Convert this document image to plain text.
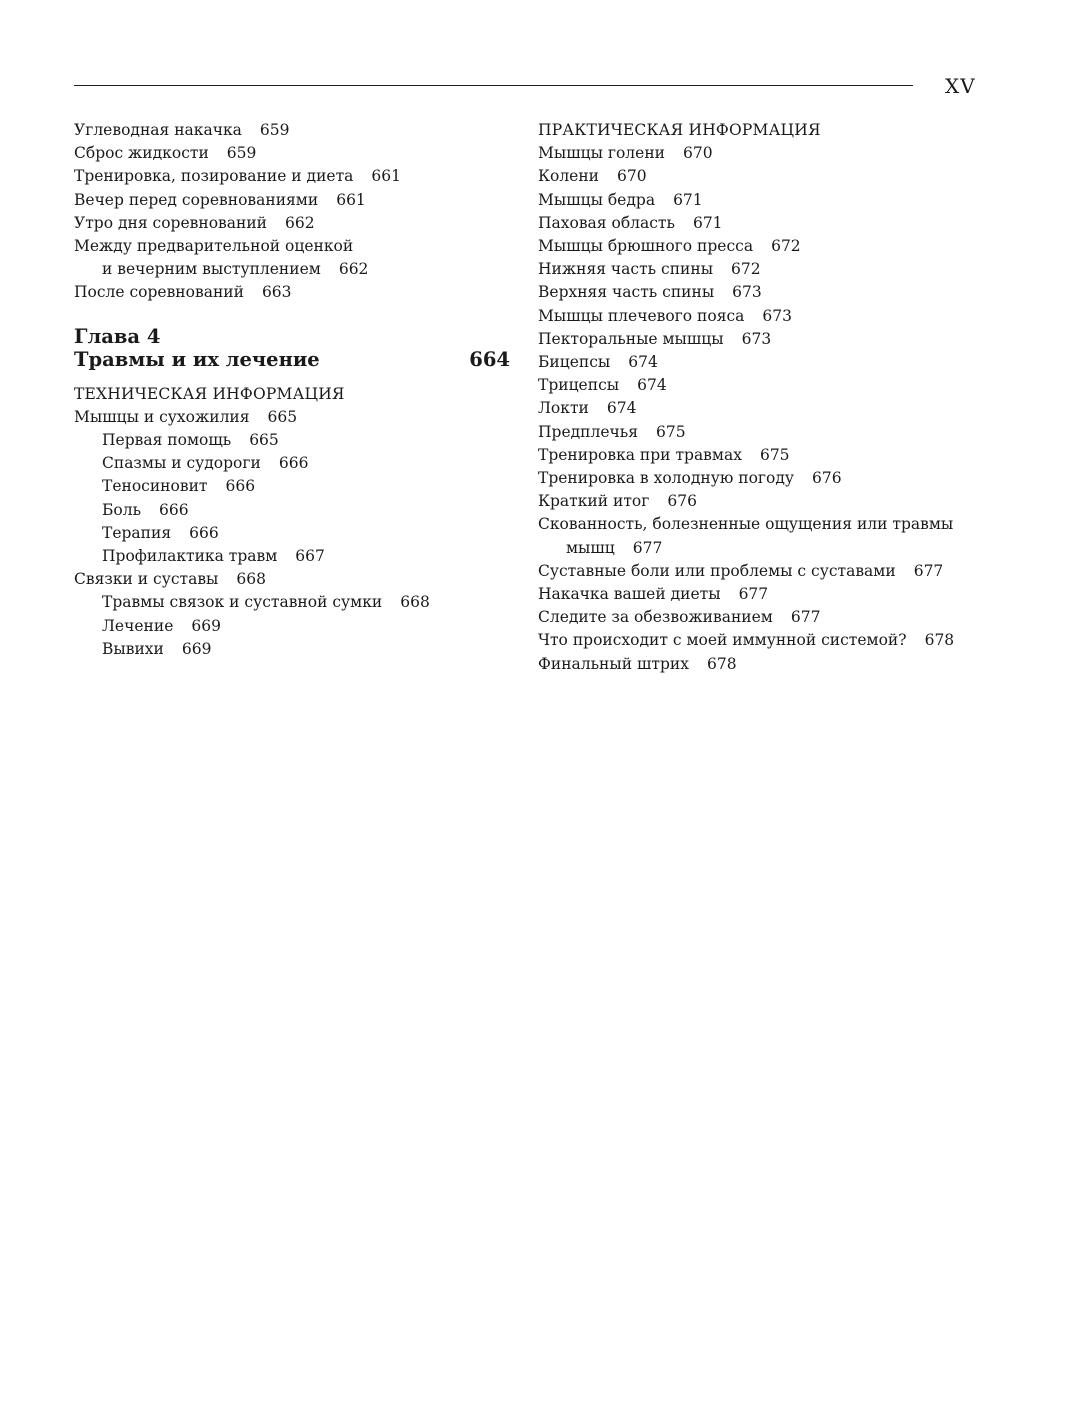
XV
Углеводная накачка 659
Сброс жидкости 659
Тренировка, позирование и диета 661
Вечер перед соревнованиями 661
Утро дня соревнований 662
Между предварительной оценкой
и вечерним выступлением 662
После соревнований 663
Глава 4
Травмы и их лечение	664
ТЕХНИЧЕСКАЯ ИНФОРМАЦИЯ
Мышцы и сухожилия 665
Первая помощь 665
Спазмы и судороги 666
Теносиновит 666
Боль 666
Терапия 666
Профилактика травм 667
Связки и суставы 668
Травмы связок и суставной сумки 668
Лечение 669
Вывихи 669
ПРАКТИЧЕСКАЯ ИНФОРМАЦИЯ
Мышцы голени 670
Колени 670
Мышцы бедра 671
Паховая область 671
Мышцы брюшного пресса 672
Нижняя часть спины 672
Верхняя часть спины 673
Мышцы плечевого пояса 673
Пекторальные мышцы 673
Бицепсы 674
Трицепсы 674
Локти 674
Предплечья 675
Тренировка при травмах 675
Тренировка в холодную погоду 676
Краткий итог 676
Скованность, болезненные ощущения или травмы
мышц 677
Суставные боли или проблемы с суставами 677
Накачка вашей диеты 677
Следите за обезвоживанием 677
Что происходит с моей иммунной системой? 678
Финальный штрих 678
